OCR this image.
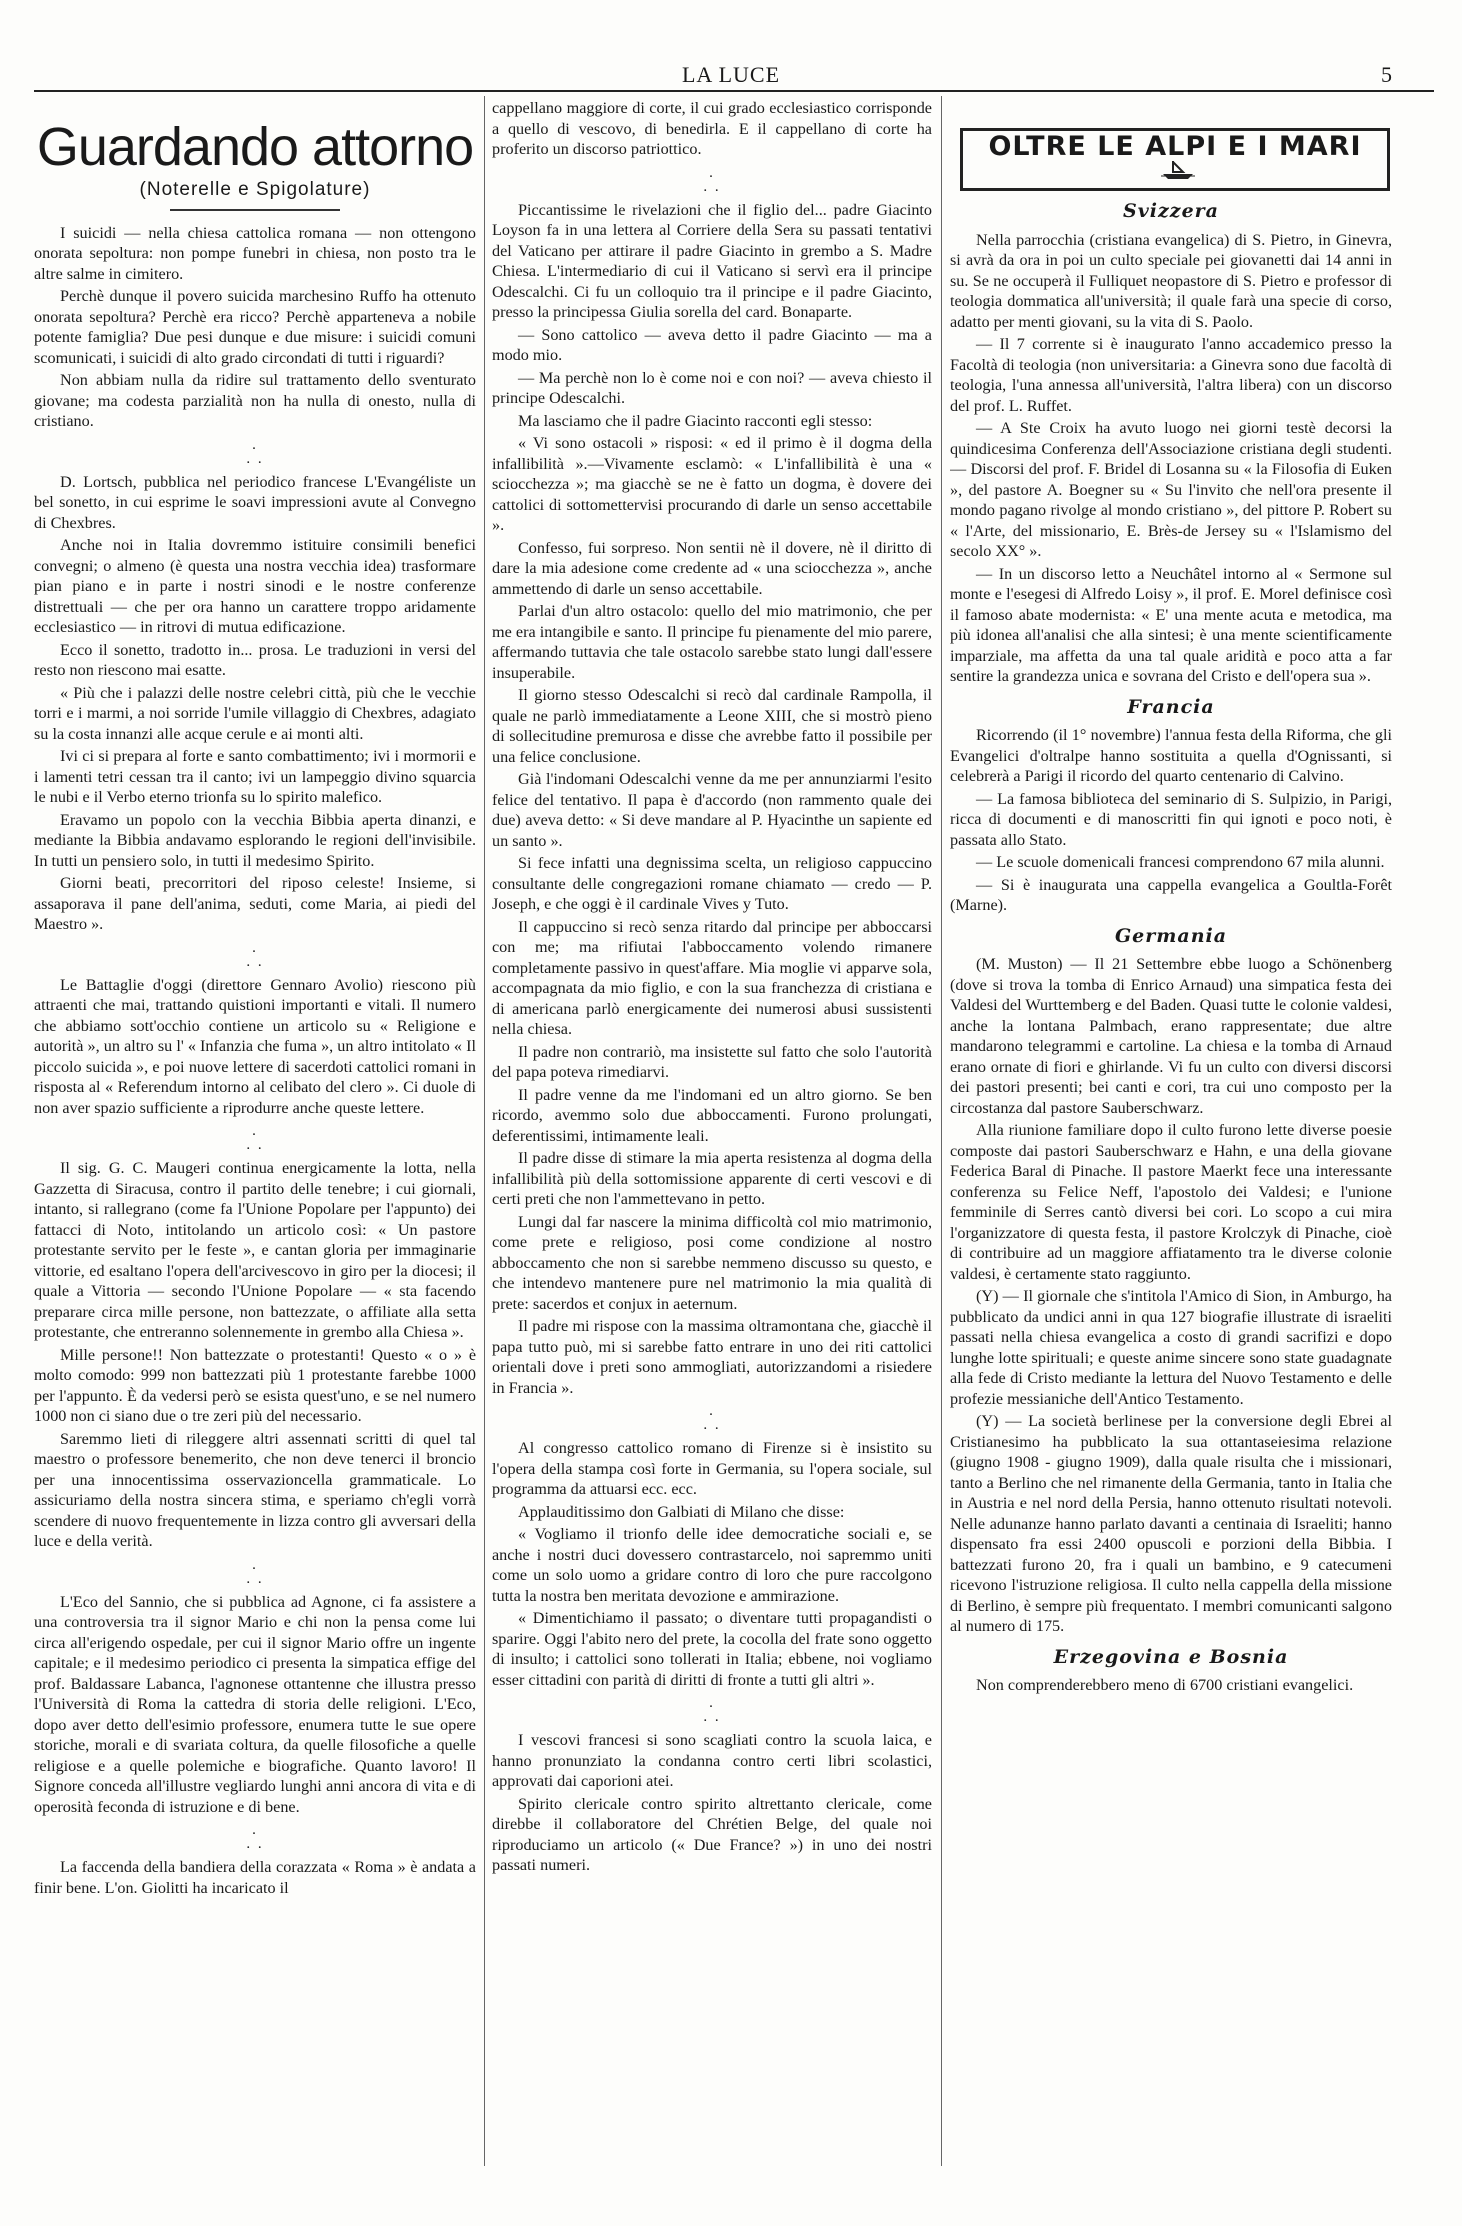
LA LUCE	5
Guardando attorno
(Noterelle e Spigolature)

I suicidi — nella chiesa cattolica romana — non ottengono onorata sepoltura: non pompe funebri in chiesa, non posto tra le altre salme in cimitero.

Perchè dunque il povero suicida marchesino Ruffo ha ottenuto onorata sepoltura? Perchè era ricco? Perchè apparteneva a nobile potente famiglia? Due pesi dunque e due misure: i suicidi comuni scomunicati, i suicidi di alto grado circondati di tutti i riguardi?

Non abbiam nulla da ridire sul trattamento dello sventurato giovane; ma codesta parzialità non ha nulla di onesto, nulla di cristiano.

.
. .

D. Lortsch, pubblica nel periodico francese L'Evangéliste un bel sonetto, in cui esprime le soavi impressioni avute al Convegno di Chexbres.

Anche noi in Italia dovremmo istituire consimili benefici convegni; o almeno (è questa una nostra vecchia idea) trasformare pian piano e in parte i nostri sinodi e le nostre conferenze distrettuali — che per ora hanno un carattere troppo aridamente ecclesiastico — in ritrovi di mutua edificazione.

Ecco il sonetto, tradotto in... prosa. Le traduzioni in versi del resto non riescono mai esatte.

« Più che i palazzi delle nostre celebri città, più che le vecchie torri e i marmi, a noi sorride l'umile villaggio di Chexbres, adagiato su la costa innanzi alle acque cerule e ai monti alti.

Ivi ci si prepara al forte e santo combattimento; ivi i mormorii e i lamenti tetri cessan tra il canto; ivi un lampeggio divino squarcia le nubi e il Verbo eterno trionfa su lo spirito malefico.

Eravamo un popolo con la vecchia Bibbia aperta dinanzi, e mediante la Bibbia andavamo esplorando le regioni dell'invisibile. In tutti un pensiero solo, in tutti il medesimo Spirito.

Giorni beati, precorritori del riposo celeste! Insieme, si assaporava il pane dell'anima, seduti, come Maria, ai piedi del Maestro ».

.
. .

Le Battaglie d'oggi (direttore Gennaro Avolio) riescono più attraenti che mai, trattando quistioni importanti e vitali. Il numero che abbiamo sott'occhio contiene un articolo su « Religione e autorità », un altro su l' « Infanzia che fuma », un altro intitolato « Il piccolo suicida », e poi nuove lettere di sacerdoti cattolici romani in risposta al « Referendum intorno al celibato del clero ». Ci duole di non aver spazio sufficiente a riprodurre anche queste lettere.

.
. .

Il sig. G. C. Maugeri continua energicamente la lotta, nella Gazzetta di Siracusa, contro il partito delle tenebre; i cui giornali, intanto, si rallegrano (come fa l'Unione Popolare per l'appunto) dei fattacci di Noto, intitolando un articolo così: « Un pastore protestante servito per le feste », e cantan gloria per immaginarie vittorie, ed esaltano l'opera dell'arcivescovo in giro per la diocesi; il quale a Vittoria — secondo l'Unione Popolare — « sta facendo preparare circa mille persone, non battezzate, o affiliate alla setta protestante, che entreranno solennemente in grembo alla Chiesa ».

Mille persone!! Non battezzate o protestanti! Questo « o » è molto comodo: 999 non battezzati più 1 protestante farebbe 1000 per l'appunto. È da vedersi però se esista quest'uno, e se nel numero 1000 non ci siano due o tre zeri più del necessario.

Saremmo lieti di rileggere altri assennati scritti di quel tal maestro o professore benemerito, che non deve tenerci il broncio per una innocentissima osservazioncella grammaticale. Lo assicuriamo della nostra sincera stima, e speriamo ch'egli vorrà scendere di nuovo frequentemente in lizza contro gli avversari della luce e della verità.

.
. .

L'Eco del Sannio, che si pubblica ad Agnone, ci fa assistere a una controversia tra il signor Mario e chi non la pensa come lui circa all'erigendo ospedale, per cui il signor Mario offre un ingente capitale; e il medesimo periodico ci presenta la simpatica effige del prof. Baldassare Labanca, l'agnonese ottantenne che illustra presso l'Università di Roma la cattedra di storia delle religioni. L'Eco, dopo aver detto dell'esimio professore, enumera tutte le sue opere storiche, morali e di svariata coltura, da quelle filosofiche a quelle religiose e a quelle polemiche e biografiche. Quanto lavoro! Il Signore conceda all'illustre vegliardo lunghi anni ancora di vita e di operosità feconda di istruzione e di bene.

.
. .

La faccenda della bandiera della corazzata « Roma » è andata a finir bene. L'on. Giolitti ha incaricato il

cappellano maggiore di corte, il cui grado ecclesiastico corrisponde a quello di vescovo, di benedirla. E il cappellano di corte ha proferito un discorso patriottico.

.
. .

Piccantissime le rivelazioni che il figlio del... padre Giacinto Loyson fa in una lettera al Corriere della Sera su passati tentativi del Vaticano per attirare il padre Giacinto in grembo a S. Madre Chiesa. L'intermediario di cui il Vaticano si servì era il principe Odescalchi. Ci fu un colloquio tra il principe e il padre Giacinto, presso la principessa Giulia sorella del card. Bonaparte.

— Sono cattolico — aveva detto il padre Giacinto — ma a modo mio.

— Ma perchè non lo è come noi e con noi? — aveva chiesto il principe Odescalchi.

Ma lasciamo che il padre Giacinto racconti egli stesso:

« Vi sono ostacoli » risposi: « ed il primo è il dogma della infallibilità ».—Vivamente esclamò: « L'infallibilità è una « sciocchezza »; ma giacchè se ne è fatto un dogma, è dovere dei cattolici di sottomettervisi procurando di darle un senso accettabile ».

Confesso, fui sorpreso. Non sentii nè il dovere, nè il diritto di dare la mia adesione come credente ad « una sciocchezza », anche ammettendo di darle un senso accettabile.

Parlai d'un altro ostacolo: quello del mio matrimonio, che per me era intangibile e santo. Il principe fu pienamente del mio parere, affermando tuttavia che tale ostacolo sarebbe stato lungi dall'essere insuperabile.

Il giorno stesso Odescalchi si recò dal cardinale Rampolla, il quale ne parlò immediatamente a Leone XIII, che si mostrò pieno di sollecitudine premurosa e disse che avrebbe fatto il possibile per una felice conclusione.

Già l'indomani Odescalchi venne da me per annunziarmi l'esito felice del tentativo. Il papa è d'accordo (non rammento quale dei due) aveva detto: « Si deve mandare al P. Hyacinthe un sapiente ed un santo ».

Si fece infatti una degnissima scelta, un religioso cappuccino consultante delle congregazioni romane chiamato — credo — P. Joseph, e che oggi è il cardinale Vives y Tuto.

Il cappuccino si recò senza ritardo dal principe per abboccarsi con me; ma rifiutai l'abboccamento volendo rimanere completamente passivo in quest'affare. Mia moglie vi apparve sola, accompagnata da mio figlio, e con la sua franchezza di cristiana e di americana parlò energicamente dei numerosi abusi sussistenti nella chiesa.

Il padre non contrariò, ma insistette sul fatto che solo l'autorità del papa poteva rimediarvi.

Il padre venne da me l'indomani ed un altro giorno. Se ben ricordo, avemmo solo due abboccamenti. Furono prolungati, deferentissimi, intimamente leali.

Il padre disse di stimare la mia aperta resistenza al dogma della infallibilità più della sottomissione apparente di certi vescovi e di certi preti che non l'ammettevano in petto.

Lungi dal far nascere la minima difficoltà col mio matrimonio, come prete e religioso, posi come condizione al nostro abboccamento che non si sarebbe nemmeno discusso su questo, e che intendevo mantenere pure nel matrimonio la mia qualità di prete: sacerdos et conjux in aeternum.

Il padre mi rispose con la massima oltramontana che, giacchè il papa tutto può, mi si sarebbe fatto entrare in uno dei riti cattolici orientali dove i preti sono ammogliati, autorizzandomi a risiedere in Francia ».

.
. .

Al congresso cattolico romano di Firenze si è insistito su l'opera della stampa così forte in Germania, su l'opera sociale, sul programma da attuarsi ecc. ecc.

Applauditissimo don Galbiati di Milano che disse:

« Vogliamo il trionfo delle idee democratiche sociali e, se anche i nostri duci dovessero contrastarcelo, noi sapremmo uniti come un solo uomo a gridare contro di loro che pure raccolgono tutta la nostra ben meritata devozione e ammirazione.

« Dimentichiamo il passato; o diventare tutti propagandisti o sparire. Oggi l'abito nero del prete, la cocolla del frate sono oggetto di insulto; i cattolici sono tollerati in Italia; ebbene, noi vogliamo esser cittadini con parità di diritti di fronte a tutti gli altri ».

.
. .

I vescovi francesi si sono scagliati contro la scuola laica, e hanno pronunziato la condanna contro certi libri scolastici, approvati dai caporioni atei.

Spirito clericale contro spirito altrettanto clericale, come direbbe il collaboratore del Chrétien Belge, del quale noi riproduciamo un articolo (« Due France? ») in uno dei nostri passati numeri.

OLTRE LE ALPI E I MARI
Svizzera

Nella parrocchia (cristiana evangelica) di S. Pietro, in Ginevra, si avrà da ora in poi un culto speciale pei giovanetti dai 14 anni in su. Se ne occuperà il Fulliquet neopastore di S. Pietro e professor di teologia dommatica all'università; il quale farà una specie di corso, adatto per menti giovani, su la vita di S. Paolo.

— Il 7 corrente si è inaugurato l'anno accademico presso la Facoltà di teologia (non universitaria: a Ginevra sono due facoltà di teologia, l'una annessa all'università, l'altra libera) con un discorso del prof. L. Ruffet.

— A Ste Croix ha avuto luogo nei giorni testè decorsi la quindicesima Conferenza dell'Associazione cristiana degli studenti. — Discorsi del prof. F. Bridel di Losanna su « la Filosofia di Euken », del pastore A. Boegner su « Su l'invito che nell'ora presente il mondo pagano rivolge al mondo cristiano », del pittore P. Robert su « l'Arte, del missionario, E. Brès-de Jersey su « l'Islamismo del secolo XX° ».

— In un discorso letto a Neuchâtel intorno al « Sermone sul monte e l'esegesi di Alfredo Loisy », il prof. E. Morel definisce così il famoso abate modernista: « E' una mente acuta e metodica, ma più idonea all'analisi che alla sintesi; è una mente scientificamente imparziale, ma affetta da una tal quale aridità e poco atta a far sentire la grandezza unica e sovrana del Cristo e dell'opera sua ».

Francia

Ricorrendo (il 1° novembre) l'annua festa della Riforma, che gli Evangelici d'oltralpe hanno sostituita a quella d'Ognissanti, si celebrerà a Parigi il ricordo del quarto centenario di Calvino.

— La famosa biblioteca del seminario di S. Sulpizio, in Parigi, ricca di documenti e di manoscritti fin qui ignoti e poco noti, è passata allo Stato.

— Le scuole domenicali francesi comprendono 67 mila alunni.

— Si è inaugurata una cappella evangelica a Goultla-Forêt (Marne).

Germania

(M. Muston) — Il 21 Settembre ebbe luogo a Schönenberg (dove si trova la tomba di Enrico Arnaud) una simpatica festa dei Valdesi del Wurttemberg e del Baden. Quasi tutte le colonie valdesi, anche la lontana Palmbach, erano rappresentate; due altre mandarono telegrammi e cartoline. La chiesa e la tomba di Arnaud erano ornate di fiori e ghirlande. Vi fu un culto con diversi discorsi dei pastori presenti; bei canti e cori, tra cui uno composto per la circostanza dal pastore Sauberschwarz.

Alla riunione familiare dopo il culto furono lette diverse poesie composte dai pastori Sauberschwarz e Hahn, e una della giovane Federica Baral di Pinache. Il pastore Maerkt fece una interessante conferenza su Felice Neff, l'apostolo dei Valdesi; e l'unione femminile di Serres cantò diversi bei cori. Lo scopo a cui mira l'organizzatore di questa festa, il pastore Krolczyk di Pinache, cioè di contribuire ad un maggiore affiatamento tra le diverse colonie valdesi, è certamente stato raggiunto.

(Y) — Il giornale che s'intitola l'Amico di Sion, in Amburgo, ha pubblicato da undici anni in qua 127 biografie illustrate di israeliti passati nella chiesa evangelica a costo di grandi sacrifizi e dopo lunghe lotte spirituali; e queste anime sincere sono state guadagnate alla fede di Cristo mediante la lettura del Nuovo Testamento e delle profezie messianiche dell'Antico Testamento.

(Y) — La società berlinese per la conversione degli Ebrei al Cristianesimo ha pubblicato la sua ottantaseiesima relazione (giugno 1908 - giugno 1909), dalla quale risulta che i missionari, tanto a Berlino che nel rimanente della Germania, tanto in Italia che in Austria e nel nord della Persia, hanno ottenuto risultati notevoli. Nelle adunanze hanno parlato davanti a centinaia di Israeliti; hanno dispensato fra essi 2400 opuscoli e porzioni della Bibbia. I battezzati furono 20, fra i quali un bambino, e 9 catecumeni ricevono l'istruzione religiosa. Il culto nella cappella della missione di Berlino, è sempre più frequentato. I membri comunicanti salgono al numero di 175.

Erzegovina e Bosnia

Non comprenderebbero meno di 6700 cristiani evangelici.
